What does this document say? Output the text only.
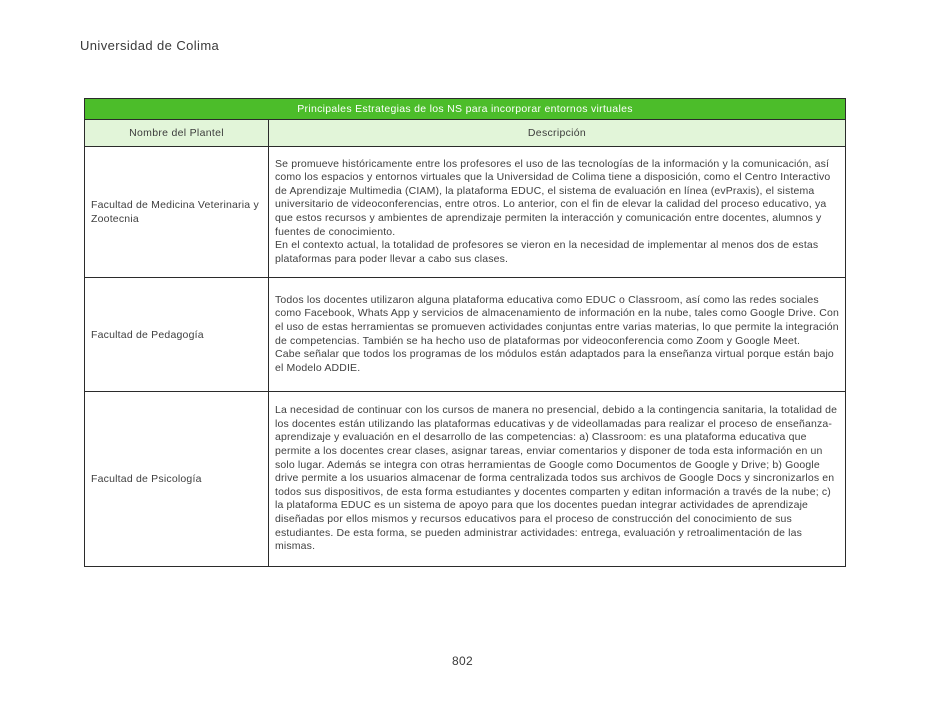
Universidad de Colima
Principales Estrategias de los NS para incorporar entornos virtuales	
Nombre del Plantel	Descripción
Facultad de Medicina Veterinaria y Zootecnia	Se promueve históricamente entre los profesores el uso de las tecnologías de la información y la comunicación, así como los espacios y entornos virtuales que la Universidad de Colima tiene a disposición, como el Centro Interactivo de Aprendizaje Multimedia (CIAM), la plataforma EDUC, el sistema de evaluación en línea (evPraxis), el sistema universitario de videoconferencias, entre otros. Lo anterior, con el fin de elevar la calidad del proceso educativo, ya que estos recursos y ambientes de aprendizaje permiten la interacción y comunicación entre docentes, alumnos y fuentes de conocimiento.

En el contexto actual, la totalidad de profesores se vieron en la necesidad de implementar al menos dos de estas plataformas para poder llevar a cabo sus clases.

Facultad de Pedagogía	Todos los docentes utilizaron alguna plataforma educativa como EDUC o Classroom, así como las redes sociales como Facebook, Whats App y servicios de almacenamiento de información en la nube, tales como Google Drive. Con el uso de estas herramientas se promueven actividades conjuntas entre varias materias, lo que permite la integración de competencias. También se ha hecho uso de plataformas por videoconferencia como Zoom y Google Meet.

Cabe señalar que todos los programas de los módulos están adaptados para la enseñanza virtual porque están bajo el Modelo ADDIE.

Facultad de Psicología	La necesidad de continuar con los cursos de manera no presencial, debido a la contingencia sanitaria, la totalidad de los docentes están utilizando las plataformas educativas y de videollamadas para realizar el proceso de enseñanza-aprendizaje y evaluación en el desarrollo de las competencias: a) Classroom: es una plataforma educativa que permite a los docentes crear clases, asignar tareas, enviar comentarios y disponer de toda esta información en un solo lugar. Además se integra con otras herramientas de Google como Documentos de Google y Drive; b) Google drive permite a los usuarios almacenar de forma centralizada todos sus archivos de Google Docs y sincronizarlos en todos sus dispositivos, de esta forma estudiantes y docentes comparten y editan información a través de la nube; c) la plataforma EDUC es un sistema de apoyo para que los docentes puedan integrar actividades de aprendizaje diseñadas por ellos mismos y recursos educativos para el proceso de construcción del conocimiento de sus estudiantes. De esta forma, se pueden administrar actividades: entrega, evaluación y retroalimentación de las mismas.

802
